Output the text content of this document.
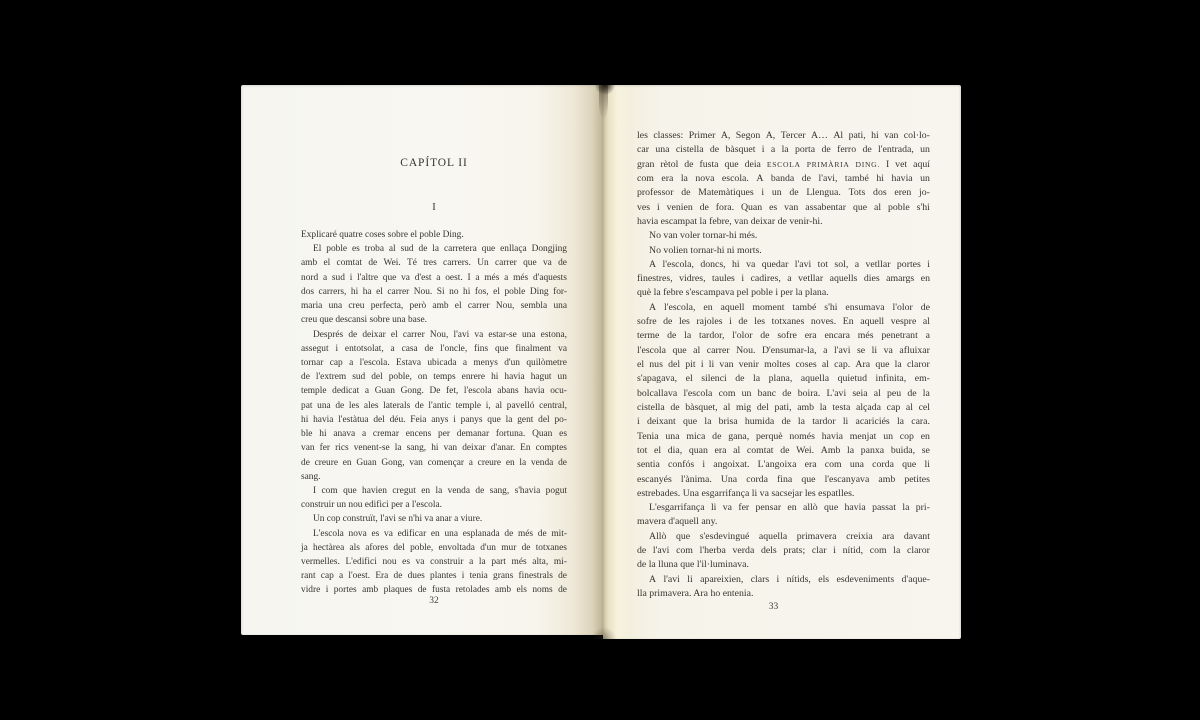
CAPÍTOL II
I
Explicaré quatre coses sobre el poble Ding.
El poble es troba al sud de la carretera que enllaça Dongjing
amb el comtat de Wei. Té tres carrers. Un carrer que va de
nord a sud i l'altre que va d'est a oest. I a més a més d'aquests
dos carrers, hi ha el carrer Nou. Si no hi fos, el poble Ding for-
maria una creu perfecta, però amb el carrer Nou, sembla una
creu que descansi sobre una base.
Després de deixar el carrer Nou, l'avi va estar-se una estona,
assegut i entotsolat, a casa de l'oncle, fins que finalment va
tornar cap a l'escola. Estava ubicada a menys d'un quilòmetre
de l'extrem sud del poble, on temps enrere hi havia hagut un
temple dedicat a Guan Gong. De fet, l'escola abans havia ocu-
pat una de les ales laterals de l'antic temple i, al pavelló central,
hi havia l'estàtua del déu. Feia anys i panys que la gent del po-
ble hi anava a cremar encens per demanar fortuna. Quan es
van fer rics venent-se la sang, hi van deixar d'anar. En comptes
de creure en Guan Gong, van començar a creure en la venda de
sang.
I com que havien cregut en la venda de sang, s'havia pogut
construir un nou edifici per a l'escola.
Un cop construït, l'avi se n'hi va anar a viure.
L'escola nova es va edificar en una esplanada de més de mit-
ja hectàrea als afores del poble, envoltada d'un mur de totxanes
vermelles. L'edifici nou es va construir a la part més alta, mi-
rant cap a l'oest. Era de dues plantes i tenia grans finestrals de
vidre i portes amb plaques de fusta retolades amb els noms de
32
les classes: Primer A, Segon A, Tercer A… Al pati, hi van col·lo-
car una cistella de bàsquet i a la porta de ferro de l'entrada, un
gran rètol de fusta que deia ESCOLA PRIMÀRIA DING. I vet aquí
com era la nova escola. A banda de l'avi, també hi havia un
professor de Matemàtiques i un de Llengua. Tots dos eren jo-
ves i venien de fora. Quan es van assabentar que al poble s'hi
havia escampat la febre, van deixar de venir-hi.
No van voler tornar-hi més.
No volien tornar-hi ni morts.
A l'escola, doncs, hi va quedar l'avi tot sol, a vetllar portes i
finestres, vidres, taules i cadires, a vetllar aquells dies amargs en
què la febre s'escampava pel poble i per la plana.
A l'escola, en aquell moment també s'hi ensumava l'olor de
sofre de les rajoles i de les totxanes noves. En aquell vespre al
terme de la tardor, l'olor de sofre era encara més penetrant a
l'escola que al carrer Nou. D'ensumar-la, a l'avi se li va afluixar
el nus del pit i li van venir moltes coses al cap. Ara que la claror
s'apagava, el silenci de la plana, aquella quietud infinita, em-
bolcallava l'escola com un banc de boira. L'avi seia al peu de la
cistella de bàsquet, al mig del pati, amb la testa alçada cap al cel
i deixant que la brisa humida de la tardor li acariciés la cara.
Tenia una mica de gana, perquè només havia menjat un cop en
tot el dia, quan era al comtat de Wei. Amb la panxa buida, se
sentia confós i angoixat. L'angoixa era com una corda que li
escanyés l'ànima. Una corda fina que l'escanyava amb petites
estrebades. Una esgarrifança li va sacsejar les espatlles.
L'esgarrifança li va fer pensar en allò que havia passat la pri-
mavera d'aquell any.
Allò que s'esdevingué aquella primavera creixia ara davant
de l'avi com l'herba verda dels prats; clar i nítid, com la claror
de la lluna que l'il·luminava.
A l'avi li apareixien, clars i nítids, els esdeveniments d'aque-
lla primavera. Ara ho entenia.
33
